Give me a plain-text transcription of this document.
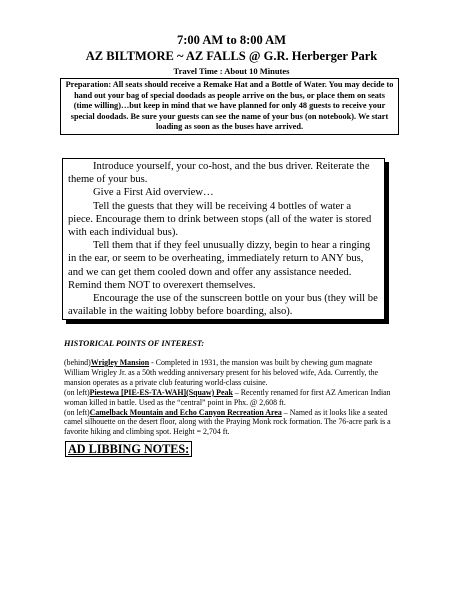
7:00 AM to 8:00 AM
AZ BILTMORE ~ AZ FALLS @ G.R. Herberger Park
Travel Time : About 10 Minutes
Preparation: All seats should receive a Remake Hat and a Bottle of Water. You may decide to hand out your bag of special doodads as people arrive on the bus, or place them on seats (time willing)…but keep in mind that we have planned for only 48 guests to receive your special doodads. Be sure your guests can see the name of your bus (on notebook). We start loading as soon as the buses have arrived.

Introduce yourself, your co-host, and the bus driver. Reiterate the theme of your bus.

Give a First Aid overview…

Tell the guests that they will be receiving 4 bottles of water a piece. Encourage them to drink between stops (all of the water is stored with each individual bus).

Tell them that if they feel unusually dizzy, begin to hear a ringing in the ear, or seem to be overheating, immediately return to ANY bus, and we can get them cooled down and offer any assistance needed. Remind them NOT to overexert themselves.

Encourage the use of the sunscreen bottle on your bus (they will be available in the waiting lobby before boarding, also).

HISTORICAL POINTS OF INTEREST:

(behind)Wrigley Mansion - Completed in 1931, the mansion was built by chewing gum magnate William Wrigley Jr. as a 50th wedding anniversary present for his beloved wife, Ada. Currently, the mansion operates as a private club featuring world-class cuisine.

(on left)Piestewa [PIE-ES-TA-WAH](Squaw) Peak – Recently renamed for first AZ American Indian woman killed in battle. Used as the “central” point in Phx. @ 2,608 ft.

(on left)Camelback Mountain and Echo Canyon Recreation Area – Named as it looks like a seated camel silhouette on the desert floor, along with the Praying Monk rock formation. The 76-acre park is a favorite hiking and climbing spot. Height = 2,704 ft.

AD LIBBING NOTES:
